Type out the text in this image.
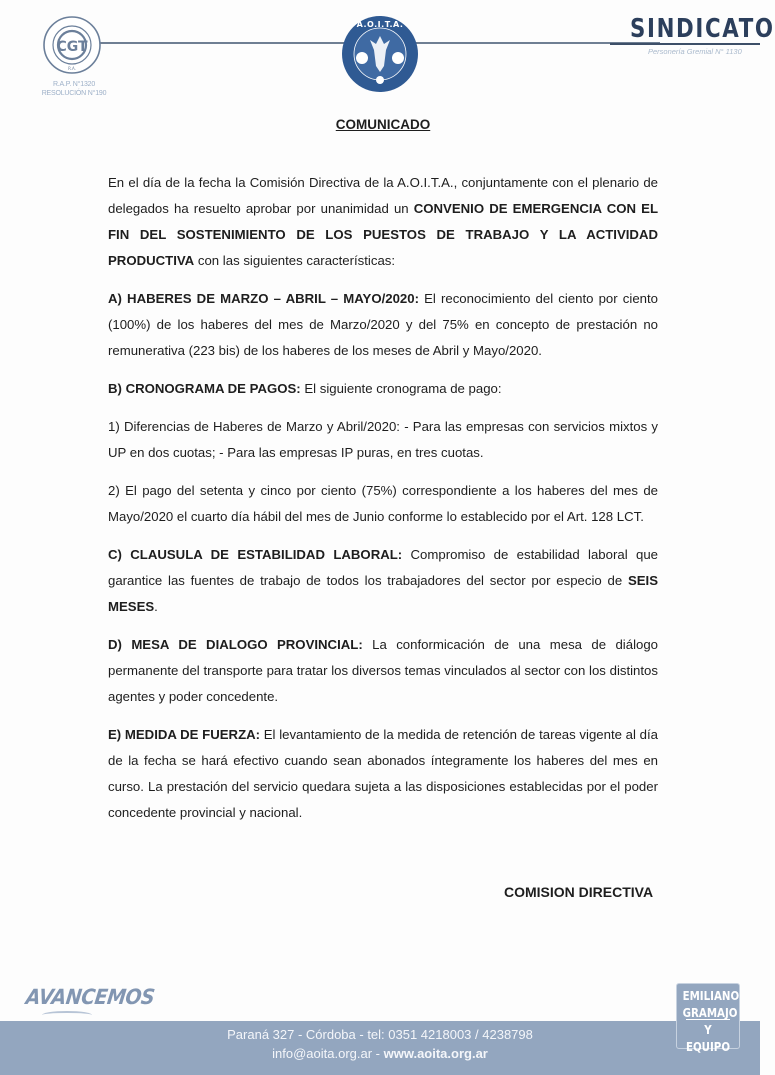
CGT
R.A.
R.A.P. N°1320
RESOLUCIÓN N°190
A.O.I.T.A.	SINDICATO
Personería Gremial N° 1130
COMUNICADO

En el día de la fecha la Comisión Directiva de la A.O.I.T.A., conjuntamente con el plenario de delegados ha resuelto aprobar por unanimidad un CONVENIO DE EMERGENCIA CON EL FIN DEL SOSTENIMIENTO DE LOS PUESTOS DE TRABAJO Y LA ACTIVIDAD PRODUCTIVA con las siguientes características:

A) HABERES DE MARZO – ABRIL – MAYO/2020: El reconocimiento del ciento por ciento (100%) de los haberes del mes de Marzo/2020 y del 75% en concepto de prestación no remunerativa (223 bis) de los haberes de los meses de Abril y Mayo/2020.

B) CRONOGRAMA DE PAGOS: El siguiente cronograma de pago:

1) Diferencias de Haberes de Marzo y Abril/2020: - Para las empresas con servicios mixtos y UP en dos cuotas; - Para las empresas IP puras, en tres cuotas.

2) El pago del setenta y cinco por ciento (75%) correspondiente a los haberes del mes de Mayo/2020 el cuarto día hábil del mes de Junio conforme lo establecido por el Art. 128 LCT.

C) CLAUSULA DE ESTABILIDAD LABORAL: Compromiso de estabilidad laboral que garantice las fuentes de trabajo de todos los trabajadores del sector por especio de SEIS MESES.

D) MESA DE DIALOGO PROVINCIAL: La conformicación de una mesa de diálogo permanente del transporte para tratar los diversos temas vinculados al sector con los distintos agentes y poder concedente.

E) MEDIDA DE FUERZA: El levantamiento de la medida de retención de tareas vigente al día de la fecha se hará efectivo cuando sean abonados íntegramente los haberes del mes en curso. La prestación del servicio quedara sujeta a las disposiciones establecidas por el poder concedente provincial y nacional.

COMISION DIRECTIVA
AVANCEMOS
Paraná 327 - Córdoba - tel: 0351 4218003 / 4238798
info@aoita.org.ar - www.aoita.org.ar
EMILIANO
GRAMAJO
Y EQUIPO
